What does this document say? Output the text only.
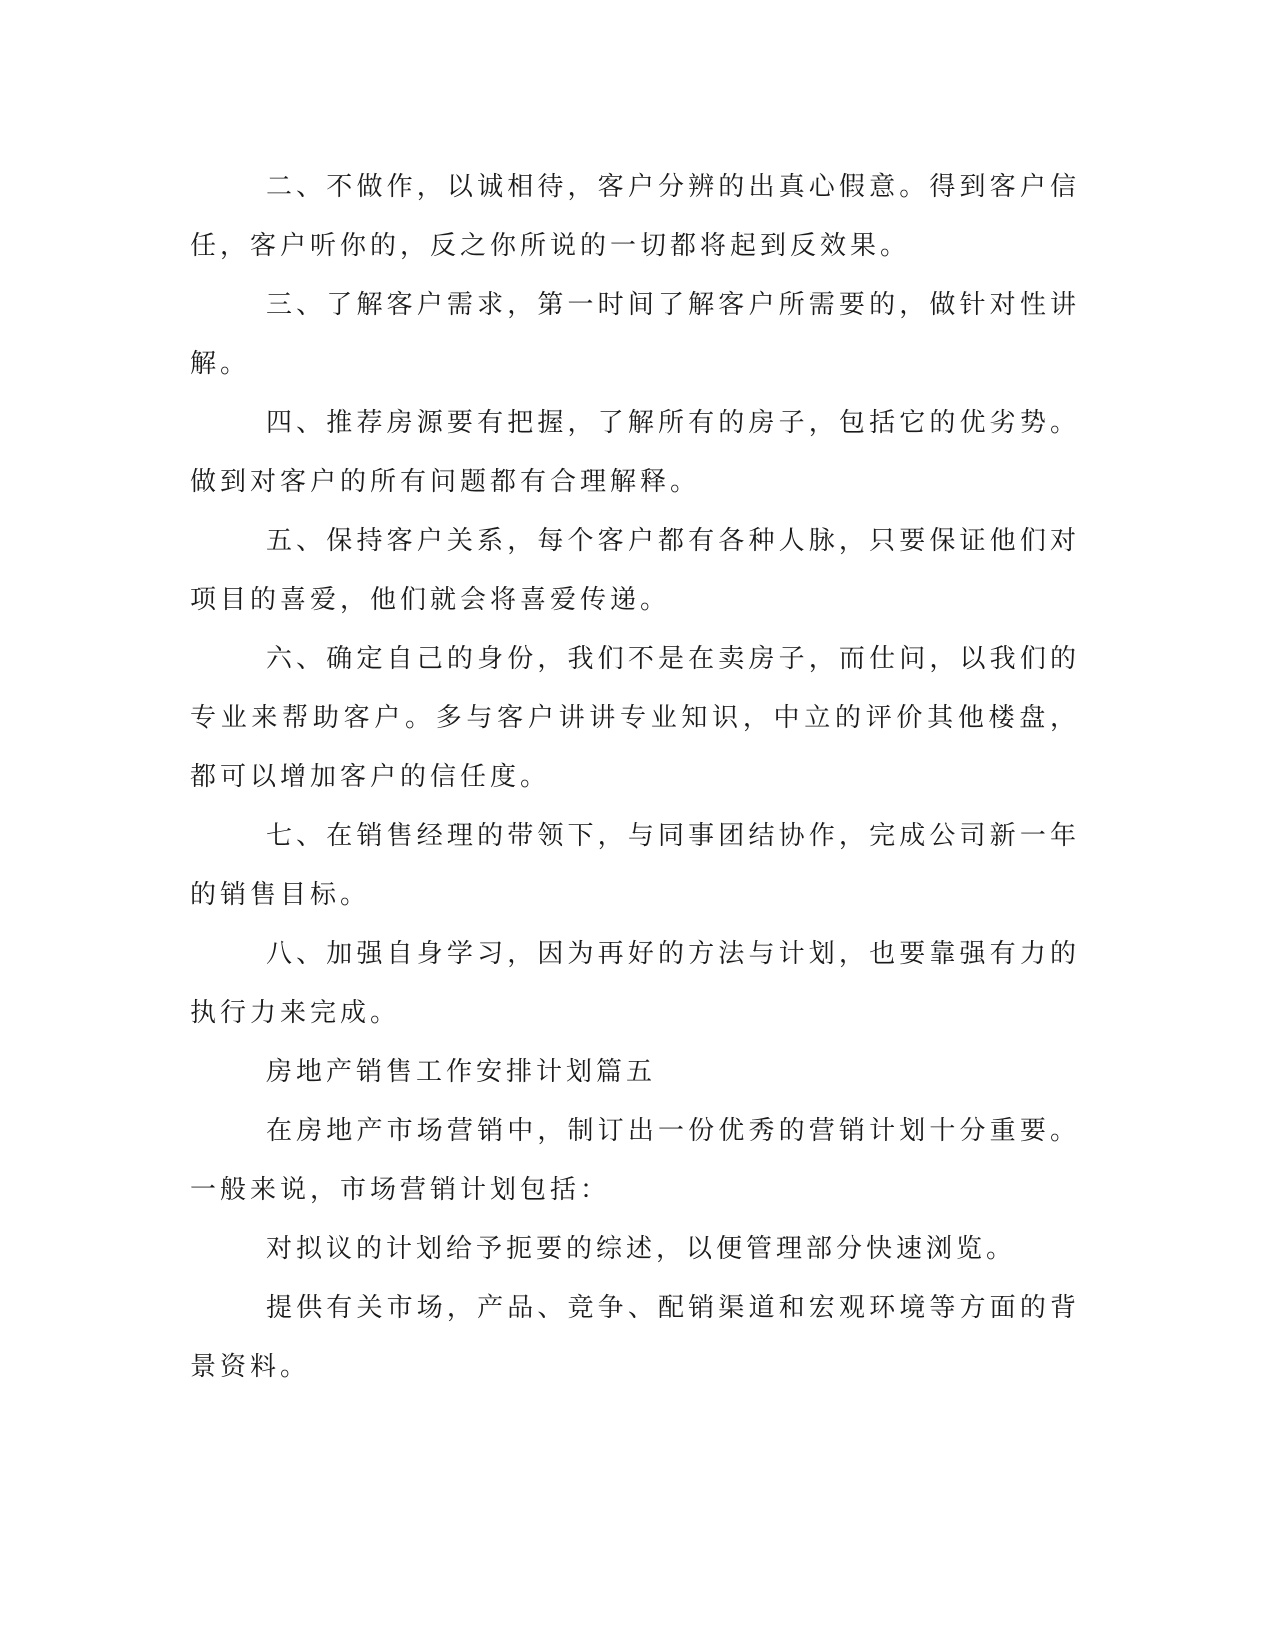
二、不做作，以诚相待，客户分辨的出真心假意。得到客户信任，客户听你的，反之你所说的一切都将起到反效果。

三、了解客户需求，第一时间了解客户所需要的，做针对性讲解。

四、推荐房源要有把握，了解所有的房子，包括它的优劣势。做到对客户的所有问题都有合理解释。

五、保持客户关系，每个客户都有各种人脉，只要保证他们对项目的喜爱，他们就会将喜爱传递。

六、确定自己的身份，我们不是在卖房子，而仕问，以我们的专业来帮助客户。多与客户讲讲专业知识，中立的评价其他楼盘，都可以增加客户的信任度。

七、在销售经理的带领下，与同事团结协作，完成公司新一年的销售目标。

八、加强自身学习，因为再好的方法与计划，也要靠强有力的执行力来完成。

房地产销售工作安排计划篇五

在房地产市场营销中，制订出一份优秀的营销计划十分重要。一般来说，市场营销计划包括：

对拟议的计划给予扼要的综述，以便管理部分快速浏览。

提供有关市场，产品、竞争、配销渠道和宏观环境等方面的背景资料。
